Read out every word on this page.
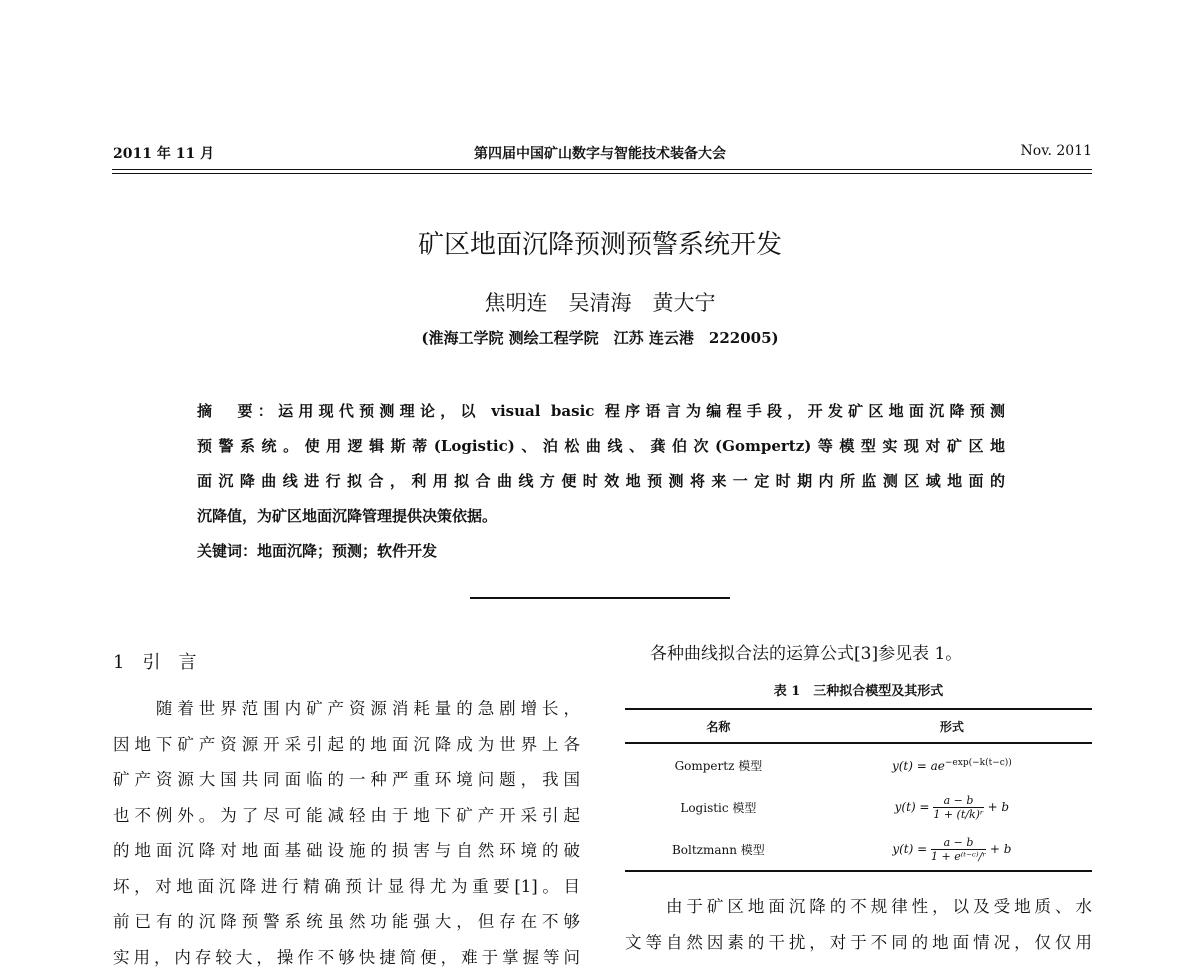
2011 年 11 月	第四届中国矿山数字与智能技术装备大会	Nov. 2011
矿区地面沉降预测预警系统开发
焦明连　吴清海　黄大宁
(淮海工学院 测绘工程学院　江苏 连云港　222005)
摘　要：运用现代预测理论，以 visual basic 程序语言为编程手段，开发矿区地面沉降预测
预警系统。使用逻辑斯蒂(Logistic)、泊松曲线、龚伯次(Gompertz)等模型实现对矿区地
面沉降曲线进行拟合，利用拟合曲线方便时效地预测将来一定时期内所监测区域地面的
沉降值，为矿区地面沉降管理提供决策依据。
关键词：地面沉降；预测；软件开发
1　引　言
　　随着世界范围内矿产资源消耗量的急剧增长，
因地下矿产资源开采引起的地面沉降成为世界上各
矿产资源大国共同面临的一种严重环境问题，我国
也不例外。为了尽可能减轻由于地下矿产开采引起
的地面沉降对地面基础设施的损害与自然环境的破
坏，对地面沉降进行精确预计显得尤为重要[1]。目
前已有的沉降预警系统虽然功能强大，但存在不够
实用，内存较大，操作不够快捷简便，难于掌握等问
各种曲线拟合法的运算公式[3]参见表 1。
表 1　三种拟合模型及其形式
名称	形式
Gompertz 模型	$y(t) = ae^{-exp(-k(t-c))}$
Logistic 模型	$y(t) = \frac{a - b}{\text{1 + (t/k)ʳ}} + b$
Boltzmann 模型	$y(t) = \frac{a - b}{\text{1 + e⁽ᵗ⁻ᶜ⁾/ʳ}} + b$
　　由于矿区地面沉降的不规律性，以及受地质、水
文等自然因素的干扰，对于不同的地面情况，仅仅用
